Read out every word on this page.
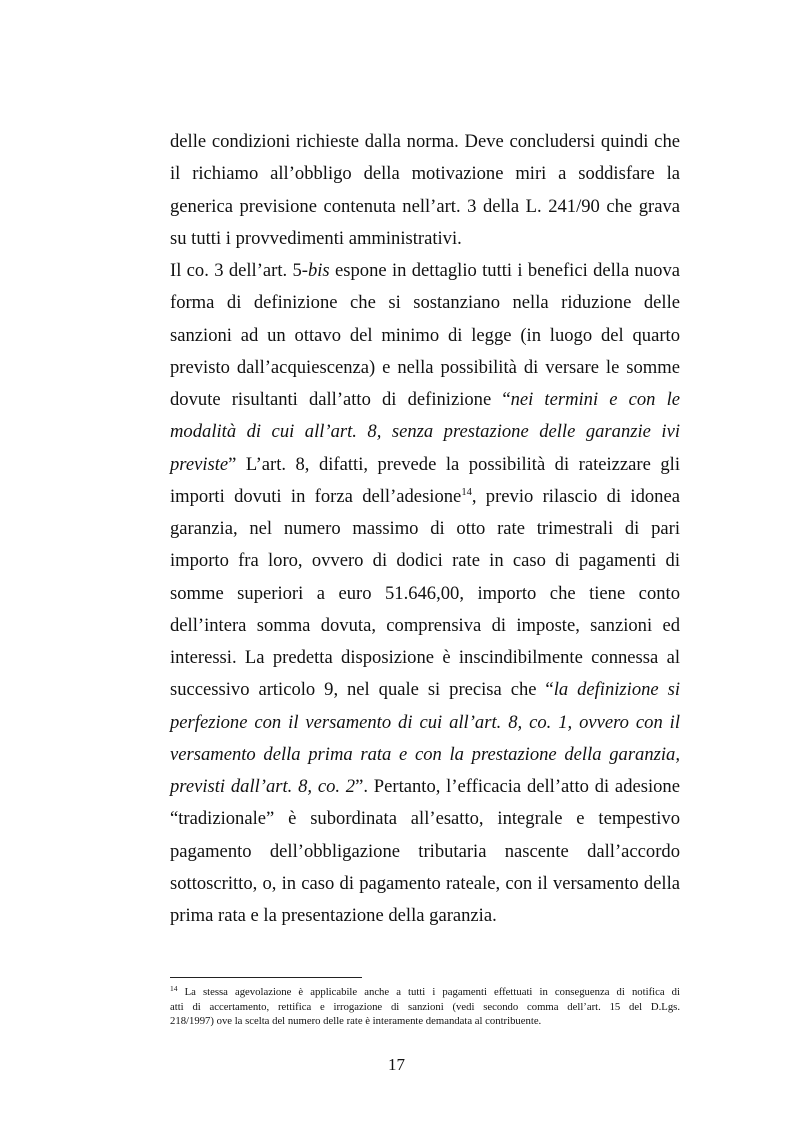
delle condizioni richieste dalla norma. Deve concludersi quindi che
il richiamo all’obbligo della motivazione miri a soddisfare la
generica previsione contenuta nell’art. 3 della L. 241/90 che grava
su tutti i provvedimenti amministrativi.
Il co. 3 dell’art. 5-bis espone in dettaglio tutti i benefici della nuova
forma di definizione che si sostanziano nella riduzione delle
sanzioni ad un ottavo del minimo di legge (in luogo del quarto
previsto dall’acquiescenza) e nella possibilità di versare le somme
dovute risultanti dall’atto di definizione “nei termini e con le
modalità di cui all’art. 8, senza prestazione delle garanzie ivi
previste” L’art. 8, difatti, prevede la possibilità di rateizzare gli
importi dovuti in forza dell’adesione$^{14}$, previo rilascio di idonea
garanzia, nel numero massimo di otto rate trimestrali di pari
importo fra loro, ovvero di dodici rate in caso di pagamenti di
somme superiori a euro 51.646,00, importo che tiene conto
dell’intera somma dovuta, comprensiva di imposte, sanzioni ed
interessi. La predetta disposizione è inscindibilmente connessa al
successivo articolo 9, nel quale si precisa che “la definizione si
perfezione con il versamento di cui all’art. 8, co. 1, ovvero con il
versamento della prima rata e con la prestazione della garanzia,
previsti dall’art. 8, co. 2”. Pertanto, l’efficacia dell’atto di adesione
“tradizionale” è subordinata all’esatto, integrale e tempestivo
pagamento dell’obbligazione tributaria nascente dall’accordo
sottoscritto, o, in caso di pagamento rateale, con il versamento della
prima rata e la presentazione della garanzia.
$^{14}$ La stessa agevolazione è applicabile anche a tutti i pagamenti effettuati in conseguenza di notifica di
atti di accertamento, rettifica e irrogazione di sanzioni (vedi secondo comma dell’art. 15 del D.Lgs.
218/1997) ove la scelta del numero delle rate è interamente demandata al contribuente.
17
